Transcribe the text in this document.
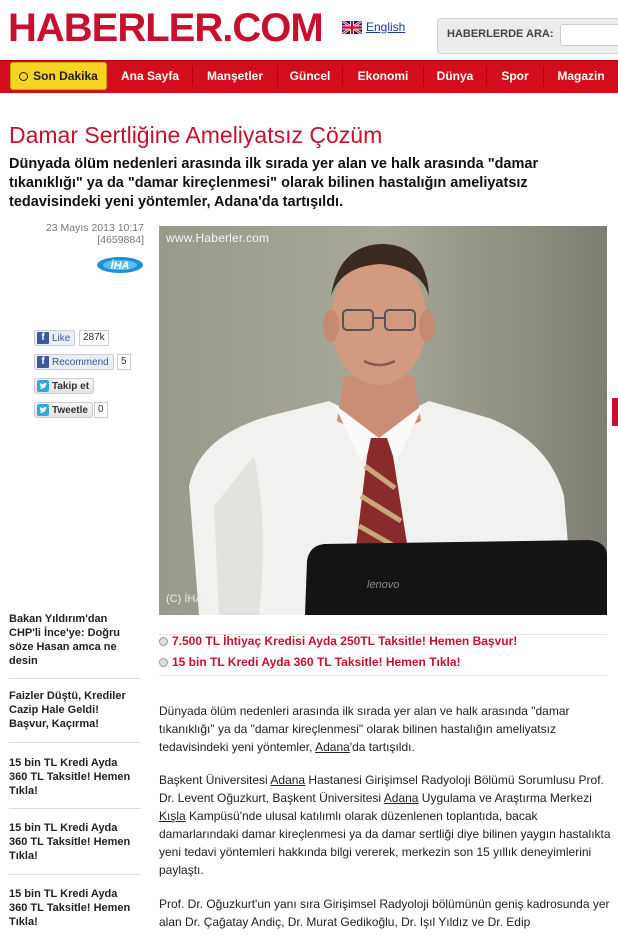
HABERLER.COM	English	HABERLERDE ARA:
Son Dakika	Ana Sayfa	Manşetler	Güncel	Ekonomi	Dünya	Spor	Magazin
Damar Sertliğine Ameliyatsız Çözüm
Dünyada ölüm nedenleri arasında ilk sırada yer alan ve halk arasında "damar tıkanıklığı" ya da "damar kireçlenmesi" olarak bilinen hastalığın ameliyatsız tedavisindeki yeni yöntemler, Adana'da tartışıldı.
23 Mayıs 2013 10:17
[4659884]
İHA
f Like	287k
f Recommend	5
Takip et
Tweetle	0
lenovo
www.Haberler.com
(C) İHA
Bakan Yıldırım'dan CHP'li İnce'ye: Doğru söze Hasan amca ne desin
Faizler Düştü, Krediler Cazip Hale Geldi! Başvur, Kaçırma!
15 bin TL Kredi Ayda 360 TL Taksitle! Hemen Tıkla!
15 bin TL Kredi Ayda 360 TL Taksitle! Hemen Tıkla!
15 bin TL Kredi Ayda 360 TL Taksitle! Hemen Tıkla!
7.500 TL İhtiyaç Kredisi Ayda 250TL Taksitle! Hemen Başvur!
15 bin TL Kredi Ayda 360 TL Taksitle! Hemen Tıkla!
Dünyada ölüm nedenleri arasında ilk sırada yer alan ve halk arasında "damar tıkanıklığı" ya da "damar kireçlenmesi" olarak bilinen hastalığın ameliyatsız tedavisindeki yeni yöntemler, Adana'da tartışıldı.
Başkent Üniversitesi Adana Hastanesi Girişimsel Radyoloji Bölümü Sorumlusu Prof. Dr. Levent Oğuzkurt, Başkent Üniversitesi Adana Uygulama ve Araştırma Merkezi Kışla Kampüsü'nde ulusal katılımlı olarak düzenlenen toplantıda, bacak damarlarındaki damar kireçlenmesi ya da damar sertliği diye bilinen yaygın hastalıkta yeni tedavi yöntemleri hakkında bilgi vererek, merkezin son 15 yıllık deneyimlerini paylaştı.
Prof. Dr. Oğuzkurt'un yanı sıra Girişimsel Radyoloji bölümünün geniş kadrosunda yer alan Dr. Çağatay Andiç, Dr. Murat Gedikoğlu, Dr. Işıl Yıldız ve Dr. Edip
